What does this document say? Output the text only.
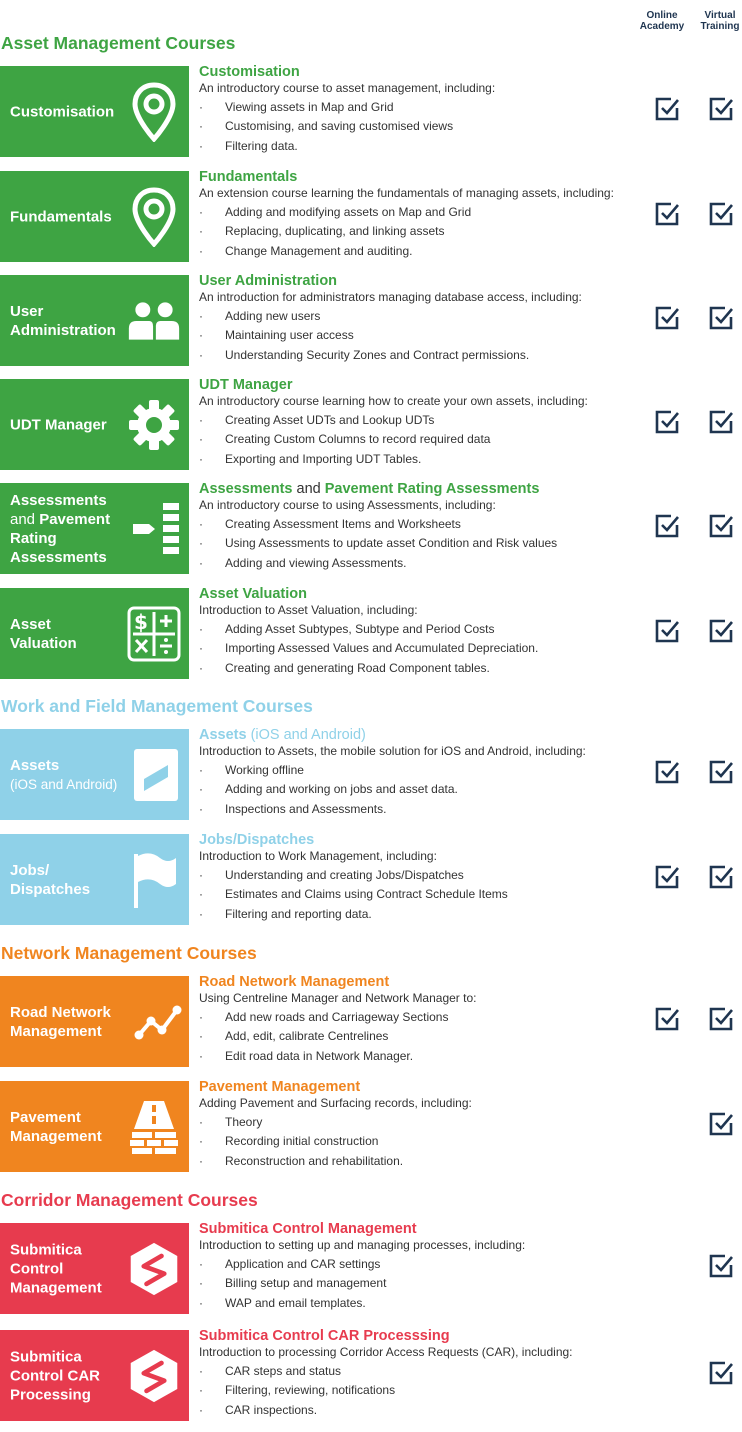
Online
Academy
Virtual
Training
Asset Management Courses
Work and Field Management Courses
Network Management Courses
Corridor Management Courses
Customisation
Customisation
An introductory course to asset management, including:
· Viewing assets in Map and Grid
· Customising, and saving customised views
· Filtering data.
Fundamentals
Fundamentals
An extension course learning the fundamentals of managing assets, including:
· Adding and modifying assets on Map and Grid
· Replacing, duplicating, and linking assets
· Change Management and auditing.
User
Administration
User Administration
An introduction for administrators managing database access, including:
· Adding new users
· Maintaining user access
· Understanding Security Zones and Contract permissions.
UDT Manager
UDT Manager
An introductory course learning how to create your own assets, including:
· Creating Asset UDTs and Lookup UDTs
· Creating Custom Columns to record required data
· Exporting and Importing UDT Tables.
Assessments
and Pavement
Rating
Assessments
Assessments and Pavement Rating Assessments
An introductory course to using Assessments, including:
· Creating Assessment Items and Worksheets
· Using Assessments to update asset Condition and Risk values
· Adding and viewing Assessments.
Asset
Valuation
$
Asset Valuation
Introduction to Asset Valuation, including:
· Adding Asset Subtypes, Subtype and Period Costs
· Importing Assessed Values and Accumulated Depreciation.
· Creating and generating Road Component tables.
Assets
(iOS and Android)
Assets (iOS and Android)
Introduction to Assets, the mobile solution for iOS and Android, including:
· Working offline
· Adding and working on jobs and asset data.
· Inspections and Assessments.
Jobs/
Dispatches
Jobs/Dispatches
Introduction to Work Management, including:
· Understanding and creating Jobs/Dispatches
· Estimates and Claims using Contract Schedule Items
· Filtering and reporting data.
Road Network
Management
Road Network Management
Using Centreline Manager and Network Manager to:
· Add new roads and Carriageway Sections
· Add, edit, calibrate Centrelines
· Edit road data in Network Manager.
Pavement
Management
Pavement Management
Adding Pavement and Surfacing records, including:
· Theory
· Recording initial construction
· Reconstruction and rehabilitation.
Submitica
Control
Management
Submitica Control Management
Introduction to setting up and managing processes, including:
· Application and CAR settings
· Billing setup and management
· WAP and email templates.
Submitica
Control CAR
Processing
Submitica Control CAR Processsing
Introduction to processing Corridor Access Requests (CAR), including:
· CAR steps and status
· Filtering, reviewing, notifications
· CAR inspections.
